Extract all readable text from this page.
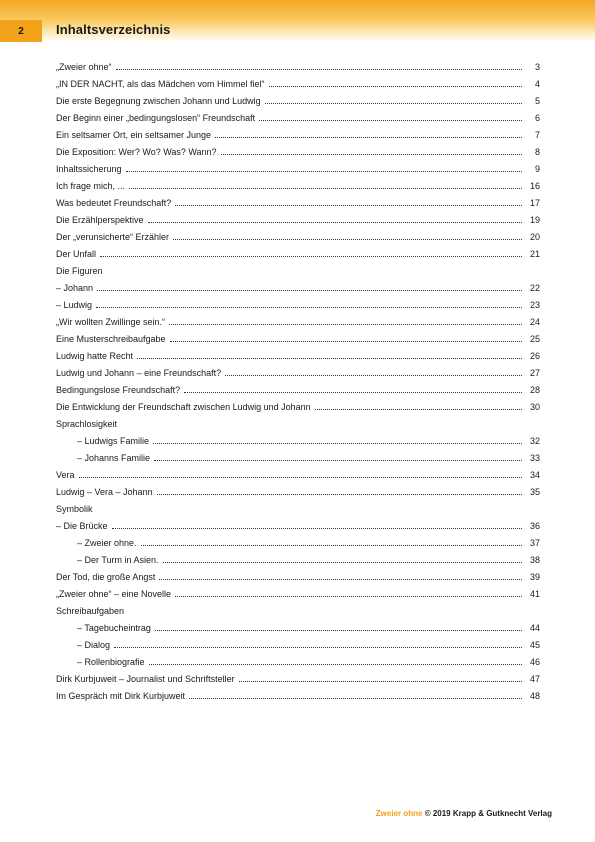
2	Inhaltsverzeichnis
„Zweier ohne“	3
„IN DER NACHT, als das Mädchen vom Himmel fiel“	4
Die erste Begegnung zwischen Johann und Ludwig	5
Der Beginn einer „bedingungslosen“ Freundschaft	6
Ein seltsamer Ort, ein seltsamer Junge	7
Die Exposition: Wer? Wo? Was? Wann?	8
Inhaltssicherung	9
Ich frage mich, ...	16
Was bedeutet Freundschaft?	17
Die Erzählperspektive	19
Der „verunsicherte“ Erzähler	20
Der Unfall	21
Die Figuren
– Johann	22
– Ludwig	23
„Wir wollten Zwillinge sein.“	24
Eine Musterschreibaufgabe	25
Ludwig hatte Recht	26
Ludwig und Johann – eine Freundschaft?	27
Bedingungslose Freundschaft?	28
Die Entwicklung der Freundschaft zwischen Ludwig und Johann	30
Sprachlosigkeit
– Ludwigs Familie	32
– Johanns Familie	33
Vera	34
Ludwig – Vera – Johann	35
Symbolik
– Die Brücke	36
– Zweier ohne.	37
– Der Turm in Asien.	38
Der Tod, die große Angst	39
„Zweier ohne“ – eine Novelle	41
Schreibaufgaben
– Tagebucheintrag	44
– Dialog	45
– Rollenbiografie	46
Dirk Kurbjuweit – Journalist und Schriftsteller	47
Im Gespräch mit Dirk Kurbjuweit	48
Zweier ohne © 2019 Krapp & Gutknecht Verlag
